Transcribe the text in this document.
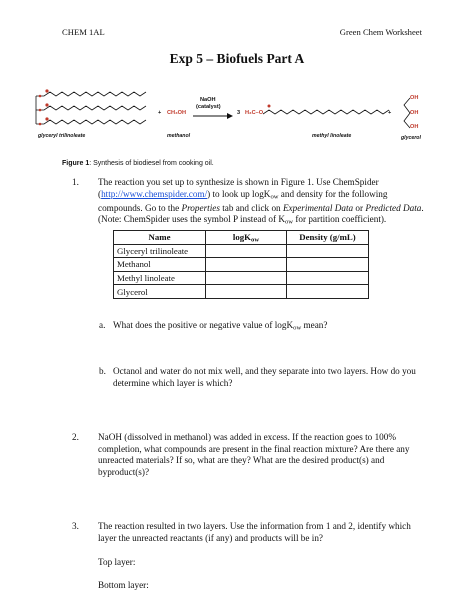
CHEM 1AL	Green Chem Worksheet
Exp 5 – Biofuels Part A
glyceryl trilinoleate
+ CH₃OH
methanol
NaOH
(catalyst)
→ 3 H₃C–O
methyl linoleate
+
OH
OH
OH
glycerol
Figure 1: Synthesis of biodiesel from cooking oil.
1. The reaction you set up to synthesize is shown in Figure 1. Use ChemSpider
(http://www.chemspider.com/) to look up logK$_{ow}$ and density for the following
compounds. Go to the Properties tab and click on Experimental Data or Predicted Data.
(Note: ChemSpider uses the symbol P instead of $K_{ow}$ for partition coefficient).
Name	logK$_{ow}$	Density (g/mL)
Glyceryl trilinoleate		
Methanol		
Methyl linoleate		
Glycerol		
a. What does the positive or negative value of logK$_{ow}$ mean?
b. Octanol and water do not mix well, and they separate into two layers. How do you
determine which layer is which?
2. NaOH (dissolved in methanol) was added in excess. If the reaction goes to 100%
completion, what compounds are present in the final reaction mixture? Are there any
unreacted materials? If so, what are they? What are the desired product(s) and
byproduct(s)?
3. The reaction resulted in two layers. Use the information from 1 and 2, identify which
layer the unreacted reactants (if any) and products will be in?
Top layer:
Bottom layer:
